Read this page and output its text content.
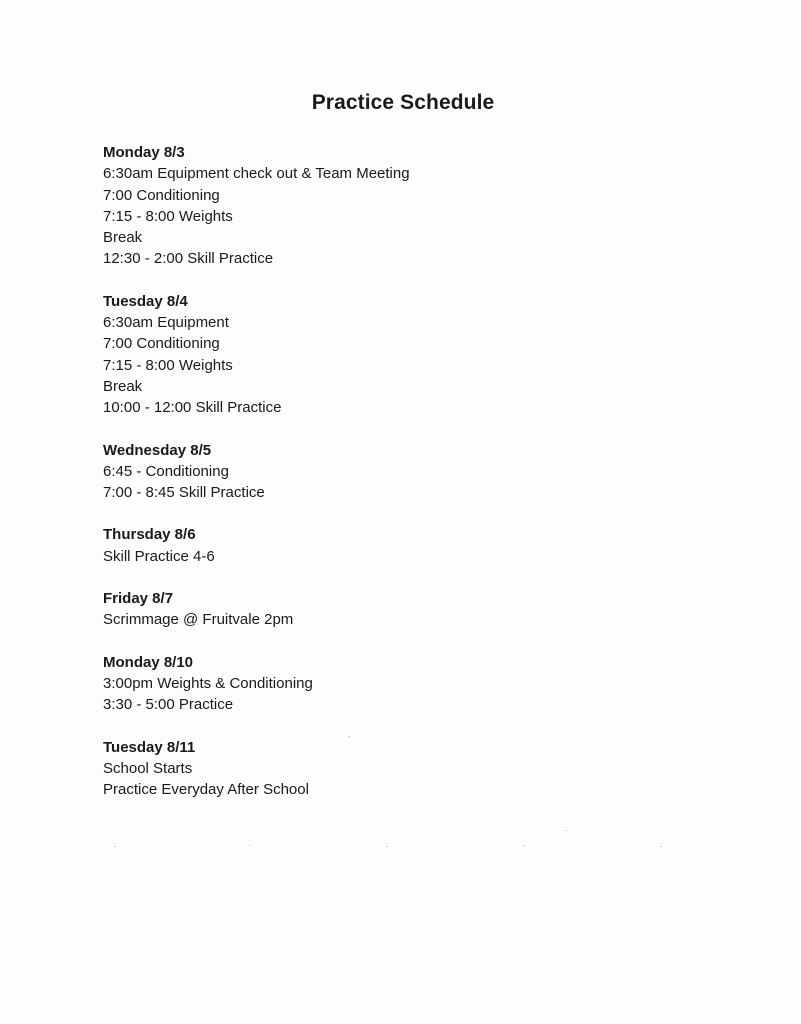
Practice Schedule
Monday 8/3
6:30am Equipment check out & Team Meeting
7:00 Conditioning
7:15 - 8:00 Weights
Break
12:30 - 2:00 Skill Practice
Tuesday 8/4
6:30am Equipment
7:00 Conditioning
7:15 - 8:00 Weights
Break
10:00 - 12:00 Skill Practice
Wednesday 8/5
6:45 - Conditioning
7:00 - 8:45 Skill Practice
Thursday 8/6
Skill Practice 4-6
Friday 8/7
Scrimmage @ Fruitvale 2pm
Monday 8/10
3:00pm Weights & Conditioning
3:30 - 5:00 Practice
Tuesday 8/11
School Starts
Practice Everyday After School
